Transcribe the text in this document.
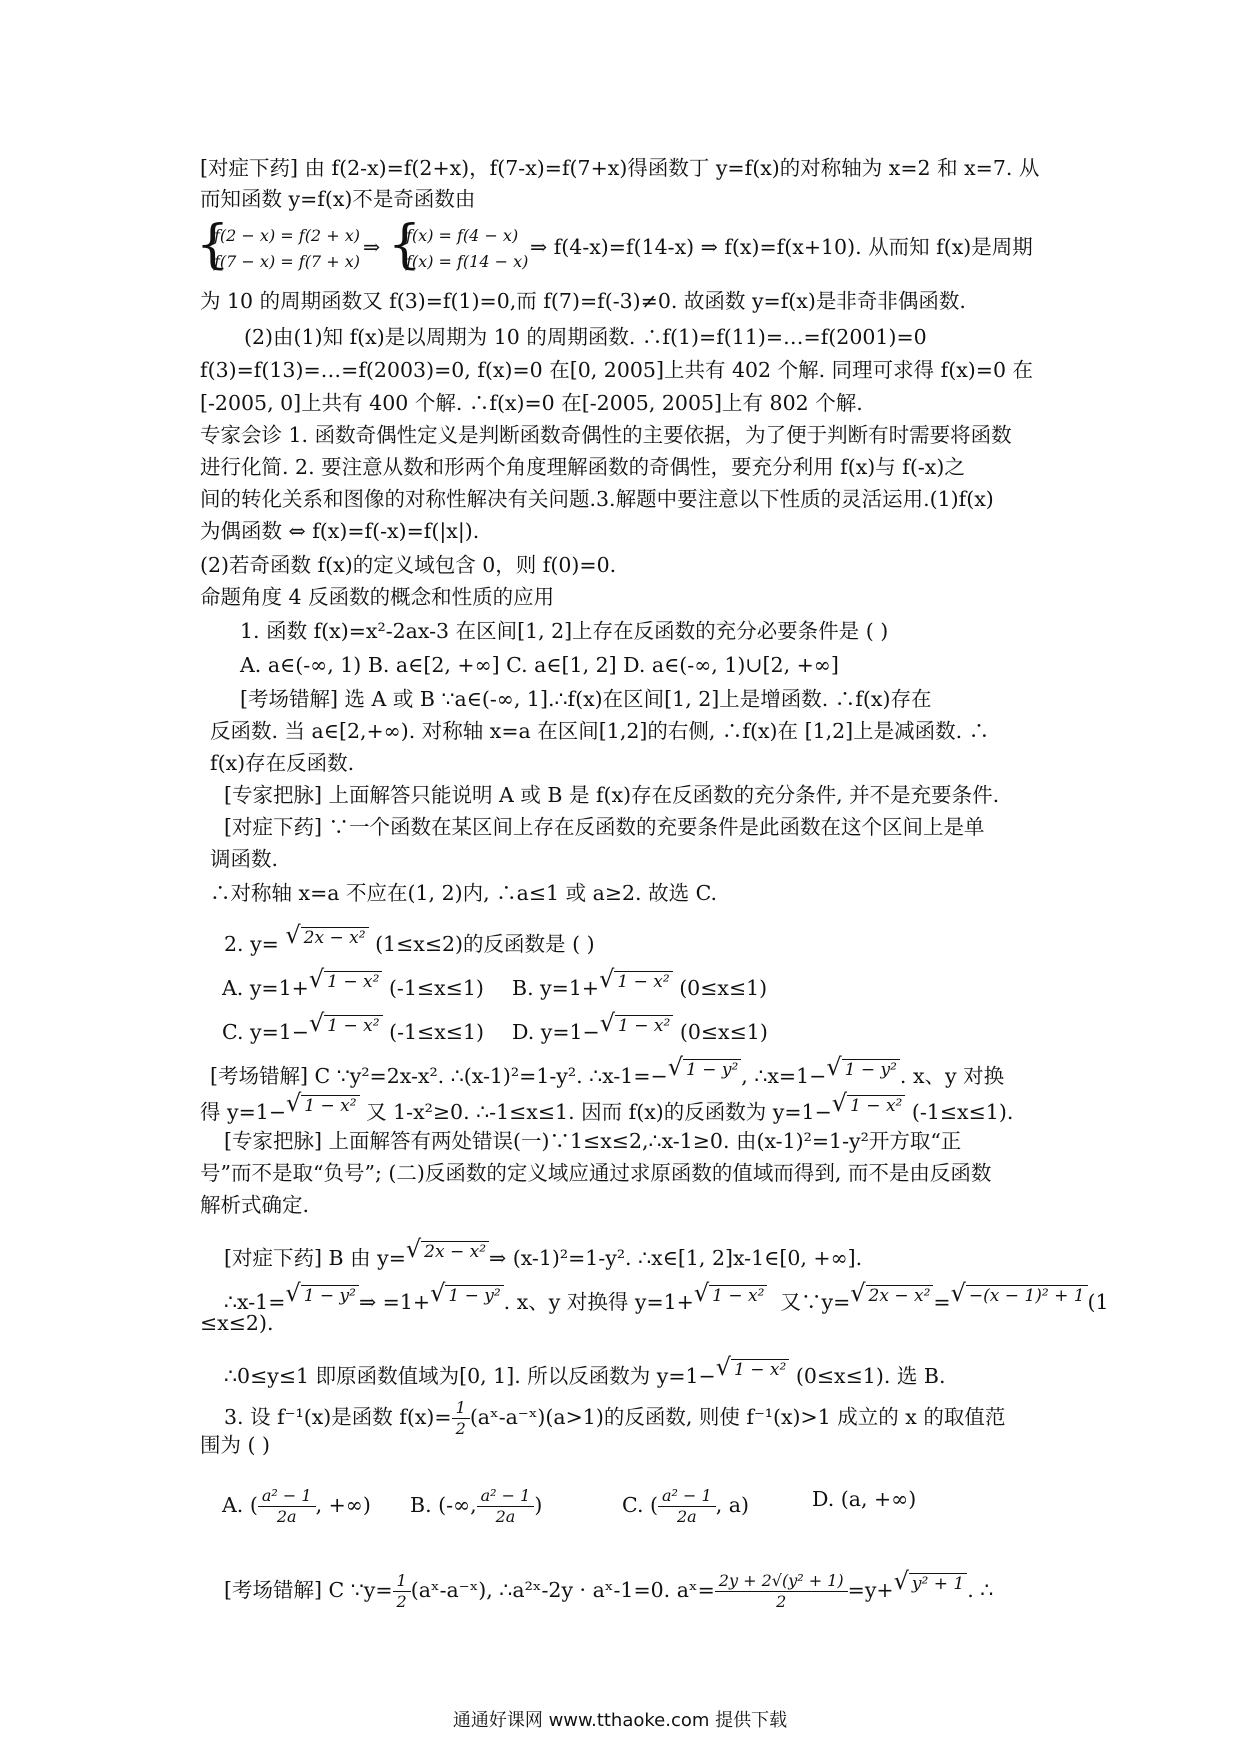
[对症下药] 由 f(2-x)=f(2+x)，f(7-x)=f(7+x)得函数丁 y=f(x)的对称轴为 x=2 和 x=7. 从
而知函数 y=f(x)不是奇函数由
{
f(2 − x) = f(2 + x)
f(7 − x) = f(7 + x)
⇒ {
f(x) = f(4 − x)
f(x) = f(14 − x)
⇒ f(4-x)=f(14-x) ⇒ f(x)=f(x+10). 从而知 f(x)是周期
为 10 的周期函数又 f(3)=f(1)=0,而 f(7)=f(-3)≠0. 故函数 y=f(x)是非奇非偶函数.
(2)由(1)知 f(x)是以周期为 10 的周期函数. ∴f(1)=f(11)=…=f(2001)=0
f(3)=f(13)=…=f(2003)=0, f(x)=0 在[0, 2005]上共有 402 个解. 同理可求得 f(x)=0 在
[-2005, 0]上共有 400 个解. ∴f(x)=0 在[-2005, 2005]上有 802 个解.
专家会诊 1. 函数奇偶性定义是判断函数奇偶性的主要依据，为了便于判断有时需要将函数
进行化简. 2. 要注意从数和形两个角度理解函数的奇偶性，要充分利用 f(x)与 f(-x)之
间的转化关系和图像的对称性解决有关问题.3.解题中要注意以下性质的灵活运用.(1)f(x)
为偶函数 ⇔ f(x)=f(-x)=f(|x|).
(2)若奇函数 f(x)的定义域包含 0，则 f(0)=0.
命题角度 4 反函数的概念和性质的应用
1. 函数 f(x)=x²-2ax-3 在区间[1, 2]上存在反函数的充分必要条件是 ( )
A. a∈(-∞, 1) B. a∈[2, +∞] C. a∈[1, 2] D. a∈(-∞, 1)∪[2, +∞]
[考场错解] 选 A 或 B ∵a∈(-∞, 1].∴f(x)在区间[1, 2]上是增函数. ∴f(x)存在
反函数. 当 a∈[2,+∞). 对称轴 x=a 在区间[1,2]的右侧, ∴f(x)在 [1,2]上是减函数. ∴
f(x)存在反函数.
[专家把脉] 上面解答只能说明 A 或 B 是 f(x)存在反函数的充分条件, 并不是充要条件.
[对症下药] ∵一个函数在某区间上存在反函数的充要条件是此函数在这个区间上是单
调函数.
∴对称轴 x=a 不应在(1, 2)内, ∴a≤1 或 a≥2. 故选 C.
2. y= √ 2x − x² (1≤x≤2)的反函数是 ( )
A. y=1+√ 1 − x² (-1≤x≤1) B. y=1+√ 1 − x² (0≤x≤1)
C. y=1−√ 1 − x² (-1≤x≤1) D. y=1−√ 1 − x² (0≤x≤1)
[考场错解] C ∵y²=2x-x². ∴(x-1)²=1-y². ∴x-1=−√ 1 − y² , ∴x=1−√ 1 − y² . x、y 对换
得 y=1−√ 1 − x² 又 1-x²≥0. ∴-1≤x≤1. 因而 f(x)的反函数为 y=1−√ 1 − x² (-1≤x≤1).
[专家把脉] 上面解答有两处错误(一)∵1≤x≤2,∴x-1≥0. 由(x-1)²=1-y²开方取“正
号”而不是取“负号”; (二)反函数的定义域应通过求原函数的值域而得到, 而不是由反函数
解析式确定.
[对症下药] B 由 y=√ 2x − x² ⇒ (x-1)²=1-y². ∴x∈[1, 2]x-1∈[0, +∞].
∴x-1=√ 1 − y² ⇒ =1+√ 1 − y² . x、y 对换得 y=1+√ 1 − x² 又∵y=√ 2x − x² =√ −(x − 1)² + 1 (1
≤x≤2).
∴0≤y≤1 即原函数值域为[0, 1]. 所以反函数为 y=1−√ 1 − x² (0≤x≤1). 选 B.
3. 设 f⁻¹(x)是函数 $f(x)= \frac{1}{2}$ (aˣ-a⁻ˣ)(a>1)的反函数, 则使 f⁻¹(x)>1 成立的 x 的取值范
围为 ( )
A. ( $\frac{\text{a² − 1}}{2a}$ , +∞) B. (-∞, $\frac{\text{a² − 1}}{2a}$ )	C. ( $\frac{\text{a² − 1}}{2a}$ , a)	D. (a, +∞)
[考场错解] C ∵y= $\frac{1}{2}$ (aˣ-a⁻ˣ), ∴a²ˣ-2y · aˣ-1=0. aˣ= $\frac{\text{2y + 2√(y² + 1)}}{2} =y+√$ y² + 1 . ∴
通通好课网 www.tthaoke.com 提供下载
